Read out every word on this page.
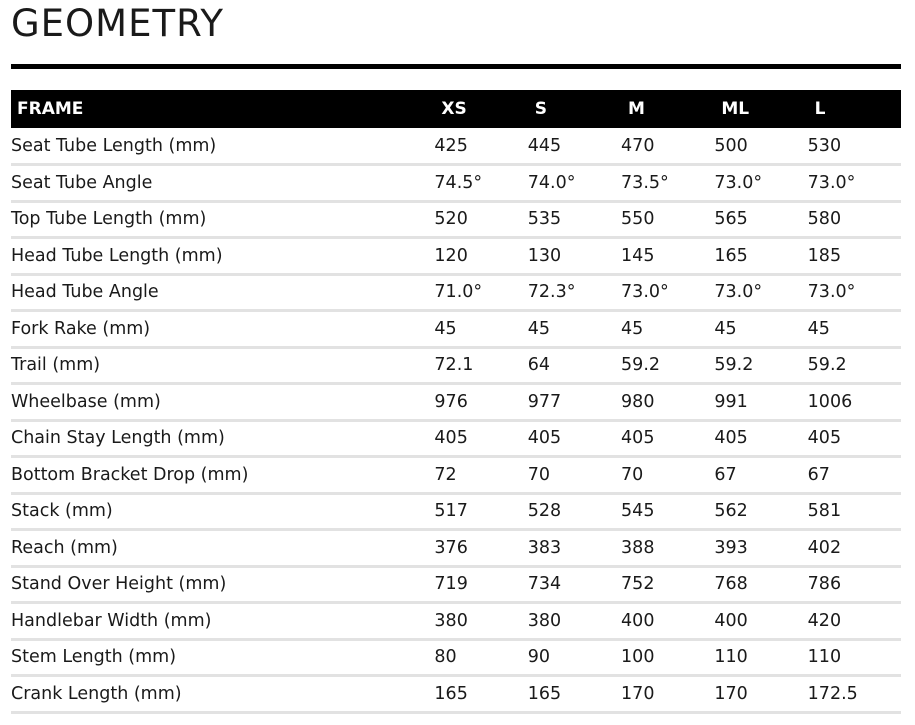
GEOMETRY
FRAME	XS	S	M	ML	L
Seat Tube Length (mm)	425	445	470	500	530
Seat Tube Angle	74.5°	74.0°	73.5°	73.0°	73.0°
Top Tube Length (mm)	520	535	550	565	580
Head Tube Length (mm)	120	130	145	165	185
Head Tube Angle	71.0°	72.3°	73.0°	73.0°	73.0°
Fork Rake (mm)	45	45	45	45	45
Trail (mm)	72.1	64	59.2	59.2	59.2
Wheelbase (mm)	976	977	980	991	1006
Chain Stay Length (mm)	405	405	405	405	405
Bottom Bracket Drop (mm)	72	70	70	67	67
Stack (mm)	517	528	545	562	581
Reach (mm)	376	383	388	393	402
Stand Over Height (mm)	719	734	752	768	786
Handlebar Width (mm)	380	380	400	400	420
Stem Length (mm)	80	90	100	110	110
Crank Length (mm)	165	165	170	170	172.5
